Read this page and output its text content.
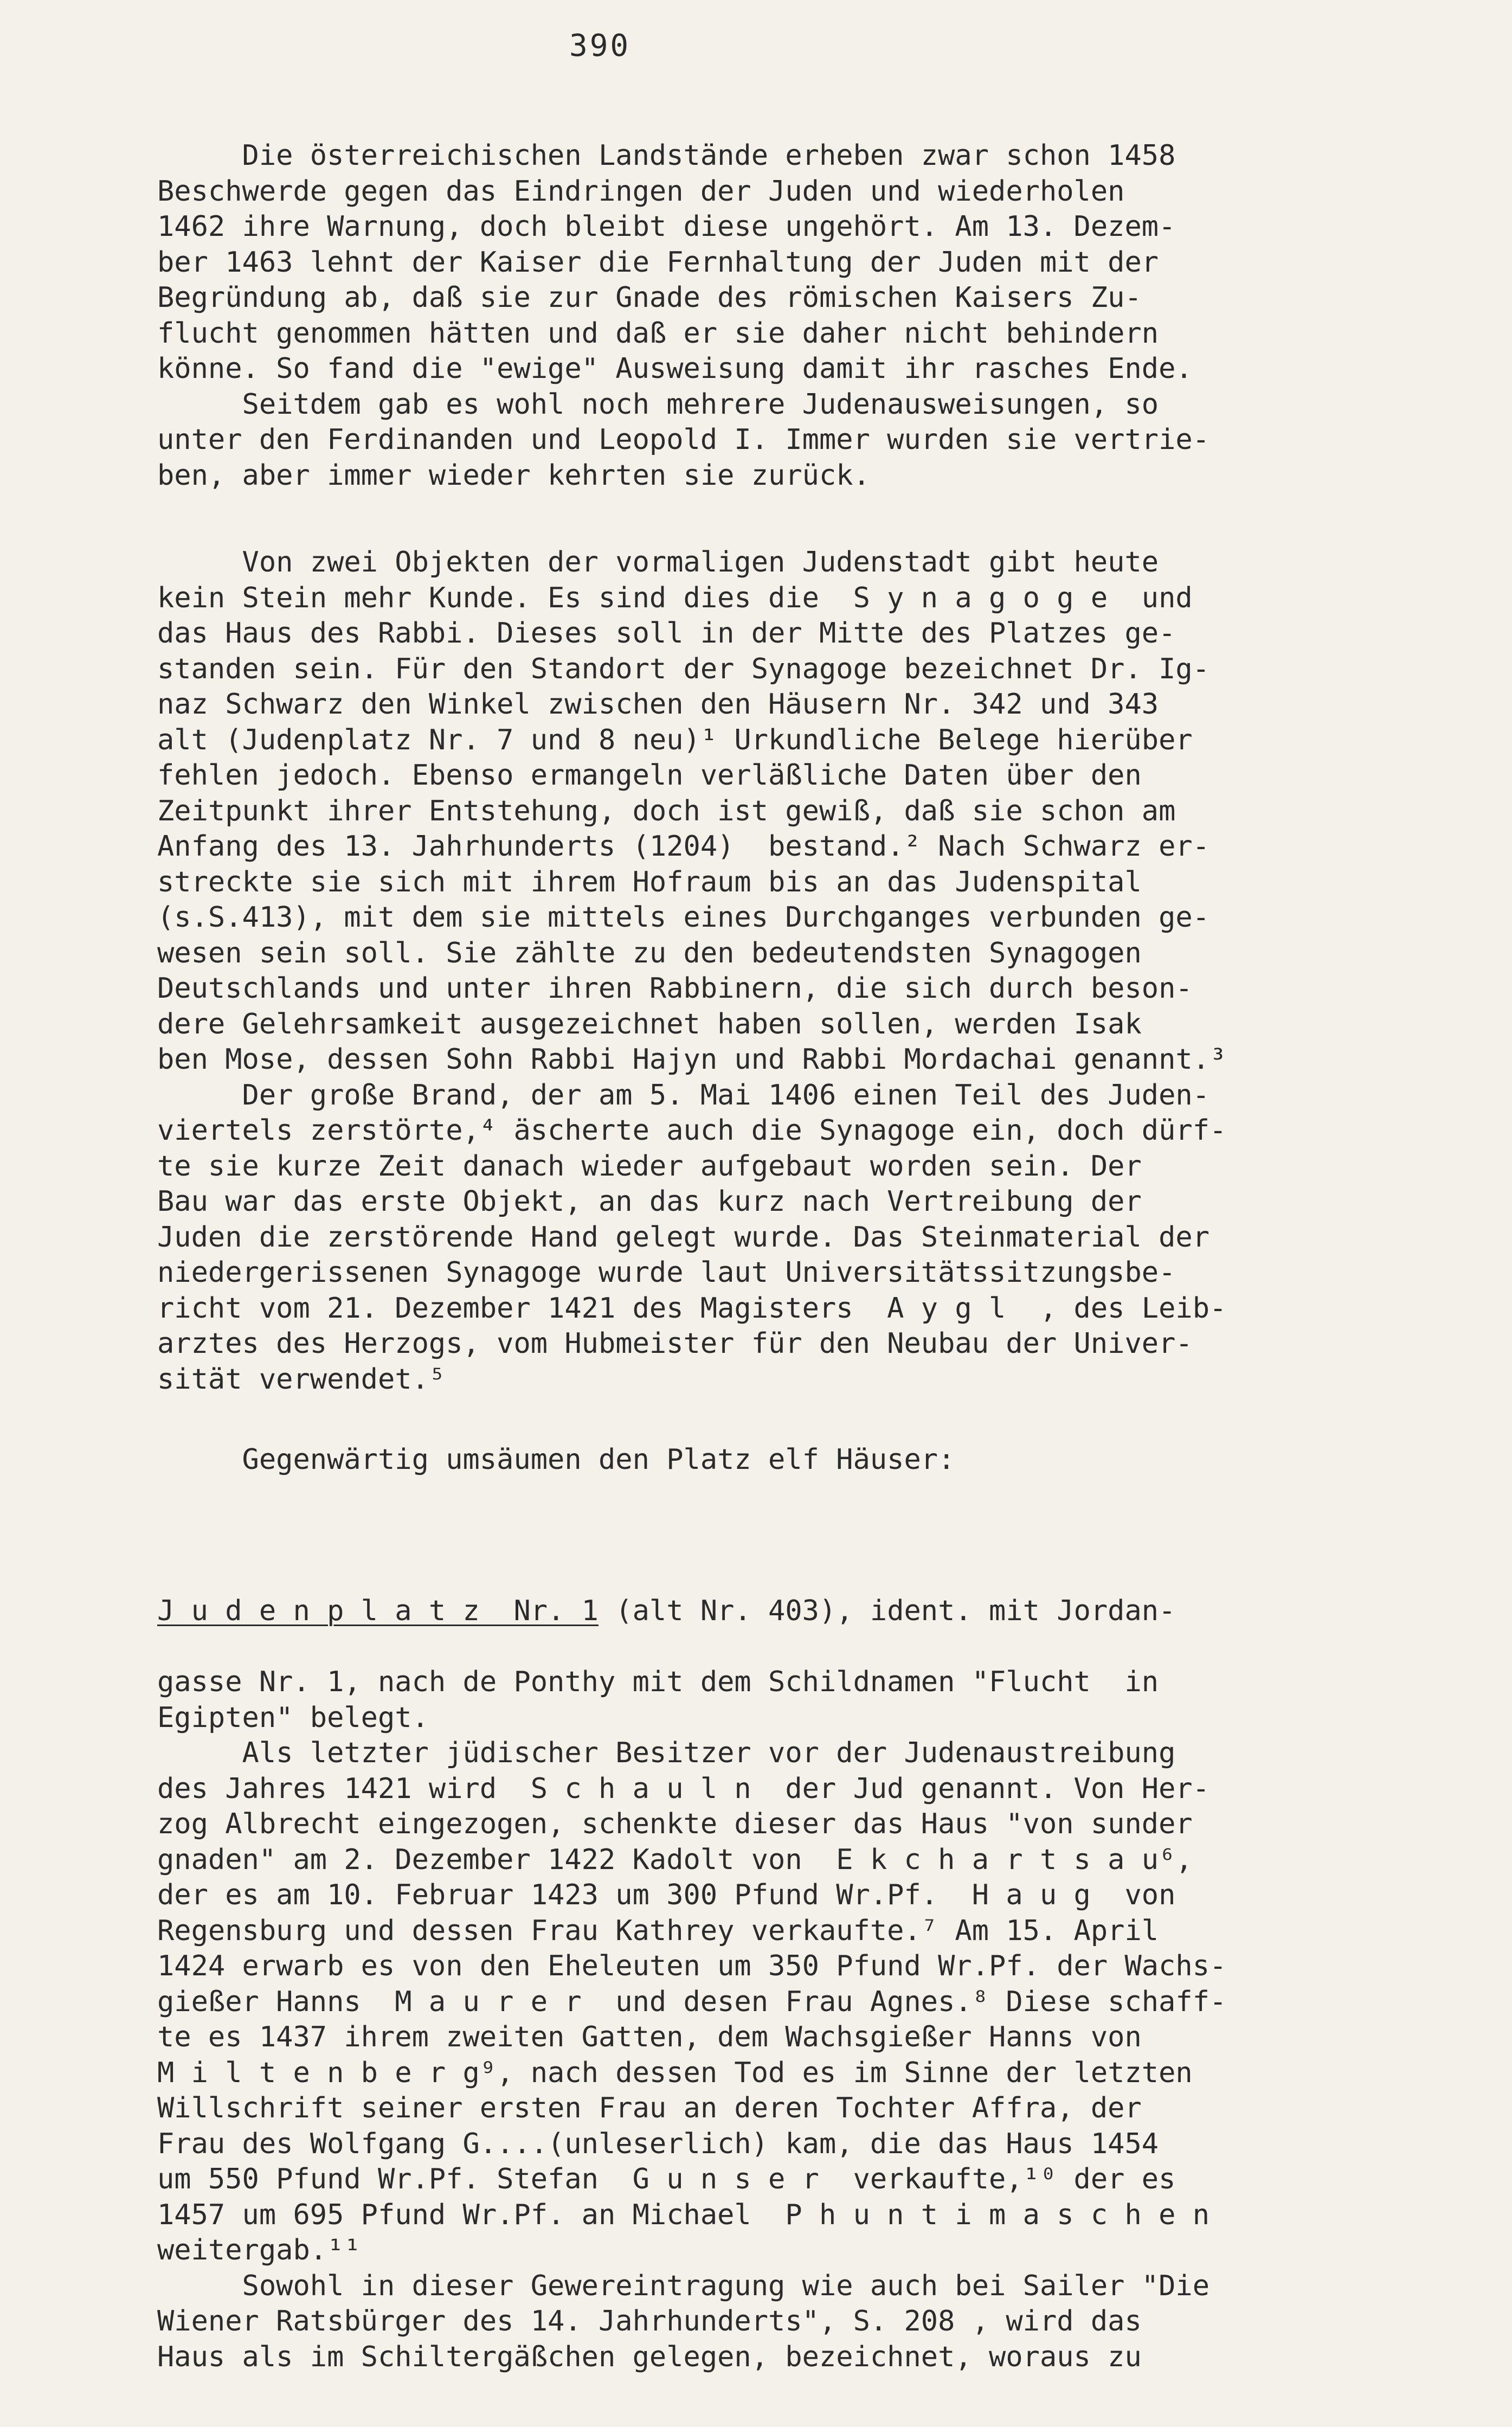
390
Die österreichischen Landstände erheben zwar schon 1458
Beschwerde gegen das Eindringen der Juden und wiederholen
1462 ihre Warnung, doch bleibt diese ungehört. Am 13. Dezem-
ber 1463 lehnt der Kaiser die Fernhaltung der Juden mit der
Begründung ab, daß sie zur Gnade des römischen Kaisers Zu-
flucht genommen hätten und daß er sie daher nicht behindern
könne. So fand die "ewige" Ausweisung damit ihr rasches Ende.
Seitdem gab es wohl noch mehrere Judenausweisungen, so
unter den Ferdinanden und Leopold I. Immer wurden sie vertrie-
ben, aber immer wieder kehrten sie zurück.
Von zwei Objekten der vormaligen Judenstadt gibt heute
kein Stein mehr Kunde. Es sind dies die  S y n a g o g e  und
das Haus des Rabbi. Dieses soll in der Mitte des Platzes ge-
standen sein. Für den Standort der Synagoge bezeichnet Dr. Ig-
naz Schwarz den Winkel zwischen den Häusern Nr. 342 und 343
alt (Judenplatz Nr. 7 und 8 neu)¹ Urkundliche Belege hierüber
fehlen jedoch. Ebenso ermangeln verläßliche Daten über den
Zeitpunkt ihrer Entstehung, doch ist gewiß, daß sie schon am
Anfang des 13. Jahrhunderts (1204)  bestand.² Nach Schwarz er-
streckte sie sich mit ihrem Hofraum bis an das Judenspital
(s.S.413), mit dem sie mittels eines Durchganges verbunden ge-
wesen sein soll. Sie zählte zu den bedeutendsten Synagogen
Deutschlands und unter ihren Rabbinern, die sich durch beson-
dere Gelehrsamkeit ausgezeichnet haben sollen, werden Isak
ben Mose, dessen Sohn Rabbi Hajyn und Rabbi Mordachai genannt.³
Der große Brand, der am 5. Mai 1406 einen Teil des Juden-
viertels zerstörte,⁴ äscherte auch die Synagoge ein, doch dürf-
te sie kurze Zeit danach wieder aufgebaut worden sein. Der
Bau war das erste Objekt, an das kurz nach Vertreibung der
Juden die zerstörende Hand gelegt wurde. Das Steinmaterial der
niedergerissenen Synagoge wurde laut Universitätssitzungsbe-
richt vom 21. Dezember 1421 des Magisters  A y g l  , des Leib-
arztes des Herzogs, vom Hubmeister für den Neubau der Univer-
sität verwendet.⁵
Gegenwärtig umsäumen den Platz elf Häuser:

J u d e n p l a t z  Nr. 1 (alt Nr. 403), ident. mit Jordan-

gasse Nr. 1, nach de Ponthy mit dem Schildnamen "Flucht  in
Egipten" belegt.
Als letzter jüdischer Besitzer vor der Judenaustreibung
des Jahres 1421 wird  S c h a u l n  der Jud genannt. Von Her-
zog Albrecht eingezogen, schenkte dieser das Haus "von sunder
gnaden" am 2. Dezember 1422 Kadolt von  E k c h a r t s a u⁶,
der es am 10. Februar 1423 um 300 Pfund Wr.Pf.  H a u g  von
Regensburg und dessen Frau Kathrey verkaufte.⁷ Am 15. April
1424 erwarb es von den Eheleuten um 350 Pfund Wr.Pf. der Wachs-
gießer Hanns  M a u r e r  und desen Frau Agnes.⁸ Diese schaff-
te es 1437 ihrem zweiten Gatten, dem Wachsgießer Hanns von
M i l t e n b e r g⁹, nach dessen Tod es im Sinne der letzten
Willschrift seiner ersten Frau an deren Tochter Affra, der
Frau des Wolfgang G....(unleserlich) kam, die das Haus 1454
um 550 Pfund Wr.Pf. Stefan  G u n s e r  verkaufte,¹⁰ der es
1457 um 695 Pfund Wr.Pf. an Michael  P h u n t i m a s c h e n
weitergab.¹¹
Sowohl in dieser Gewereintragung wie auch bei Sailer "Die
Wiener Ratsbürger des 14. Jahrhunderts", S. 208 , wird das
Haus als im Schiltergäßchen gelegen, bezeichnet, woraus zu
